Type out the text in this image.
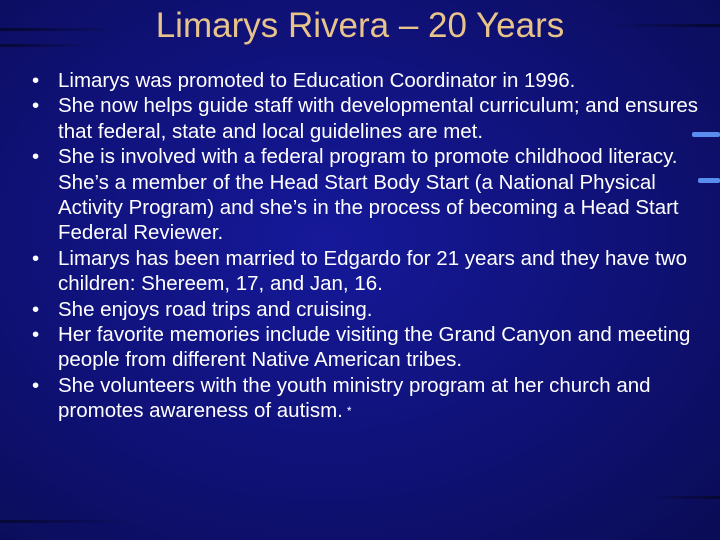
Limarys Rivera – 20 Years
• Limarys was promoted to Education Coordinator in 1996.
• She now helps guide staff with developmental curriculum; and ensures that federal, state and local guidelines are met.
• She is involved with a federal program to promote childhood literacy. She’s a member of the Head Start Body Start (a National Physical Activity Program) and she’s in the process of becoming a Head Start Federal Reviewer.
• Limarys has been married to Edgardo for 21 years and they have two children: Shereem, 17, and Jan, 16.
• She enjoys road trips and cruising.
• Her favorite memories include visiting the Grand Canyon and meeting people from different Native American tribes.
• She volunteers with the youth ministry program at her church and promotes awareness of autism. *
